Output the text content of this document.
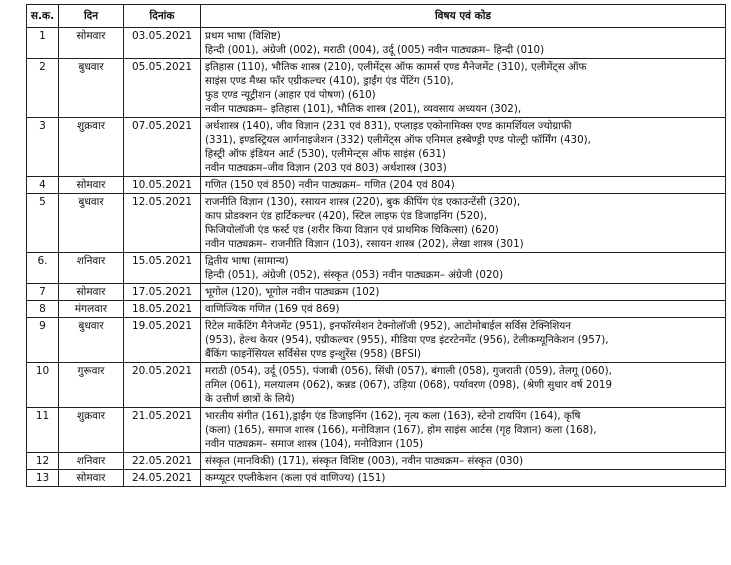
स.क.	दिन	दिनांक	विषय एवं कोड
1	सोमवार	03.05.2021	प्रथम भाषा (विशिष्ट)
हिन्दी (001), अंग्रेजी (002), मराठी (004), उर्दू (005) नवीन पाठ्यक्रम– हिन्दी (010)

2	बुधवार	05.05.2021	इतिहास (110), भौतिक शास्त्र (210), एलीमेंट्स ऑफ कामर्स एण्ड मैनेजमेंट (310), एलीमेंट्स ऑफ
साइंस एण्ड मैथ्स फॉर एग्रीकल्चर (410), ड्राईंग एंड पेंटिंग (510),
फुड एण्ड न्यूट्रीशन (आहार एवं पोषण) (610)
नवीन पाठ्यक्रम– इतिहास (101), भौतिक शास्त्र (201), व्यवसाय अध्ययन (302),

3	शुक्रवार	07.05.2021	अर्थशास्त्र (140), जीव विज्ञान (231 एवं 831), एप्लाइड एकोनामिक्स एण्ड कामर्शियल ज्योग्राफी
(331), इण्डस्ट्रियल आर्गनाइजेशन (332) एलीमेंट्स ऑफ एनिमल हस्बेण्ड्री एण्ड पोल्ट्री फॉर्मिंग (430),
हिस्ट्री ऑफ इंडियन आर्ट (530), एलीमेन्ट्स ऑफ साइंस (631)
नवीन पाठ्यक्रम–जीव विज्ञान (203 एवं 803) अर्थशास्त्र (303)

4	सोमवार	10.05.2021	गणित (150 एवं 850) नवीन पाठ्यक्रम– गणित (204 एवं 804)

5	बुधवार	12.05.2021	राजनीति विज्ञान (130), रसायन शास्त्र (220), बुक कीपिंग एंड एकाउन्टेंसी (320),
काप प्रोडक्शन एंड हार्टिकल्चर (420), स्टिल लाइफ एंड डिजाइनिंग (520),
फिजियोलॉजी एंड फर्स्ट एड (शरीर किया विज्ञान एवं प्राथमिक चिकित्सा) (620)
नवीन पाठ्यक्रम– राजनीति विज्ञान (103), रसायन शास्त्र (202), लेखा शास्त्र (301)

6.	शनिवार	15.05.2021	द्वितीय भाषा (सामान्य)
हिन्दी (051), अंग्रेजी (052), संस्कृत (053) नवीन पाठ्यक्रम– अंग्रेजी (020)

7	सोमवार	17.05.2021	भूगोल (120), भूगोल नवीन पाठ्यक्रम (102)

8	मंगलवार	18.05.2021	वाणिज्यिक गणित (169 एवं 869)

9	बुधवार	19.05.2021	रिटेल मार्केटिंग मैनेजमेंट (951), इनफॉरमेशन टेक्नोलॉजी (952), आटोमोबाईल सर्विस टेक्निशियन
(953), हेल्थ केयर (954), एग्रीकल्चर (955), मीडिया एण्ड इंटरटेनमेंट (956), टेलीकम्यूनिकेशन (957),
बैंकिंग फाइनेंसियल सर्विसेस एण्ड इन्शुरेंस (958) (BFSI)

10	गुरूवार	20.05.2021	मराठी (054), उर्दू (055), पंजाबी (056), सिंधी (057), बंगाली (058), गुजराती (059), तेलगू (060),
तमिल (061), मलयालम (062), कन्नड (067), उड़िया (068), पर्यावरण (098), (श्रेणी सुधार वर्ष 2019
के उत्तीर्ण छात्रों के लिये)

11	शुक्रवार	21.05.2021	भारतीय संगीत (161),ड्राईंग एंड डिजाइनिंग (162), नृत्य कला (163), स्टेनो टायपिंग (164), कृषि
(कला) (165), समाज शास्त्र (166), मनोविज्ञान (167), होम साइंस आर्टस (गृह विज्ञान) कला (168),
नवीन पाठ्यक्रम– समाज शास्त्र (104), मनोविज्ञान (105)

12	शनिवार	22.05.2021	संस्कृत (मानविकी) (171), संस्कृत विशिष्ट (003), नवीन पाठ्यक्रम– संस्कृत (030)

13	सोमवार	24.05.2021	कम्प्यूटर एप्लीकेशन (कला एवं वाणिज्य) (151)
